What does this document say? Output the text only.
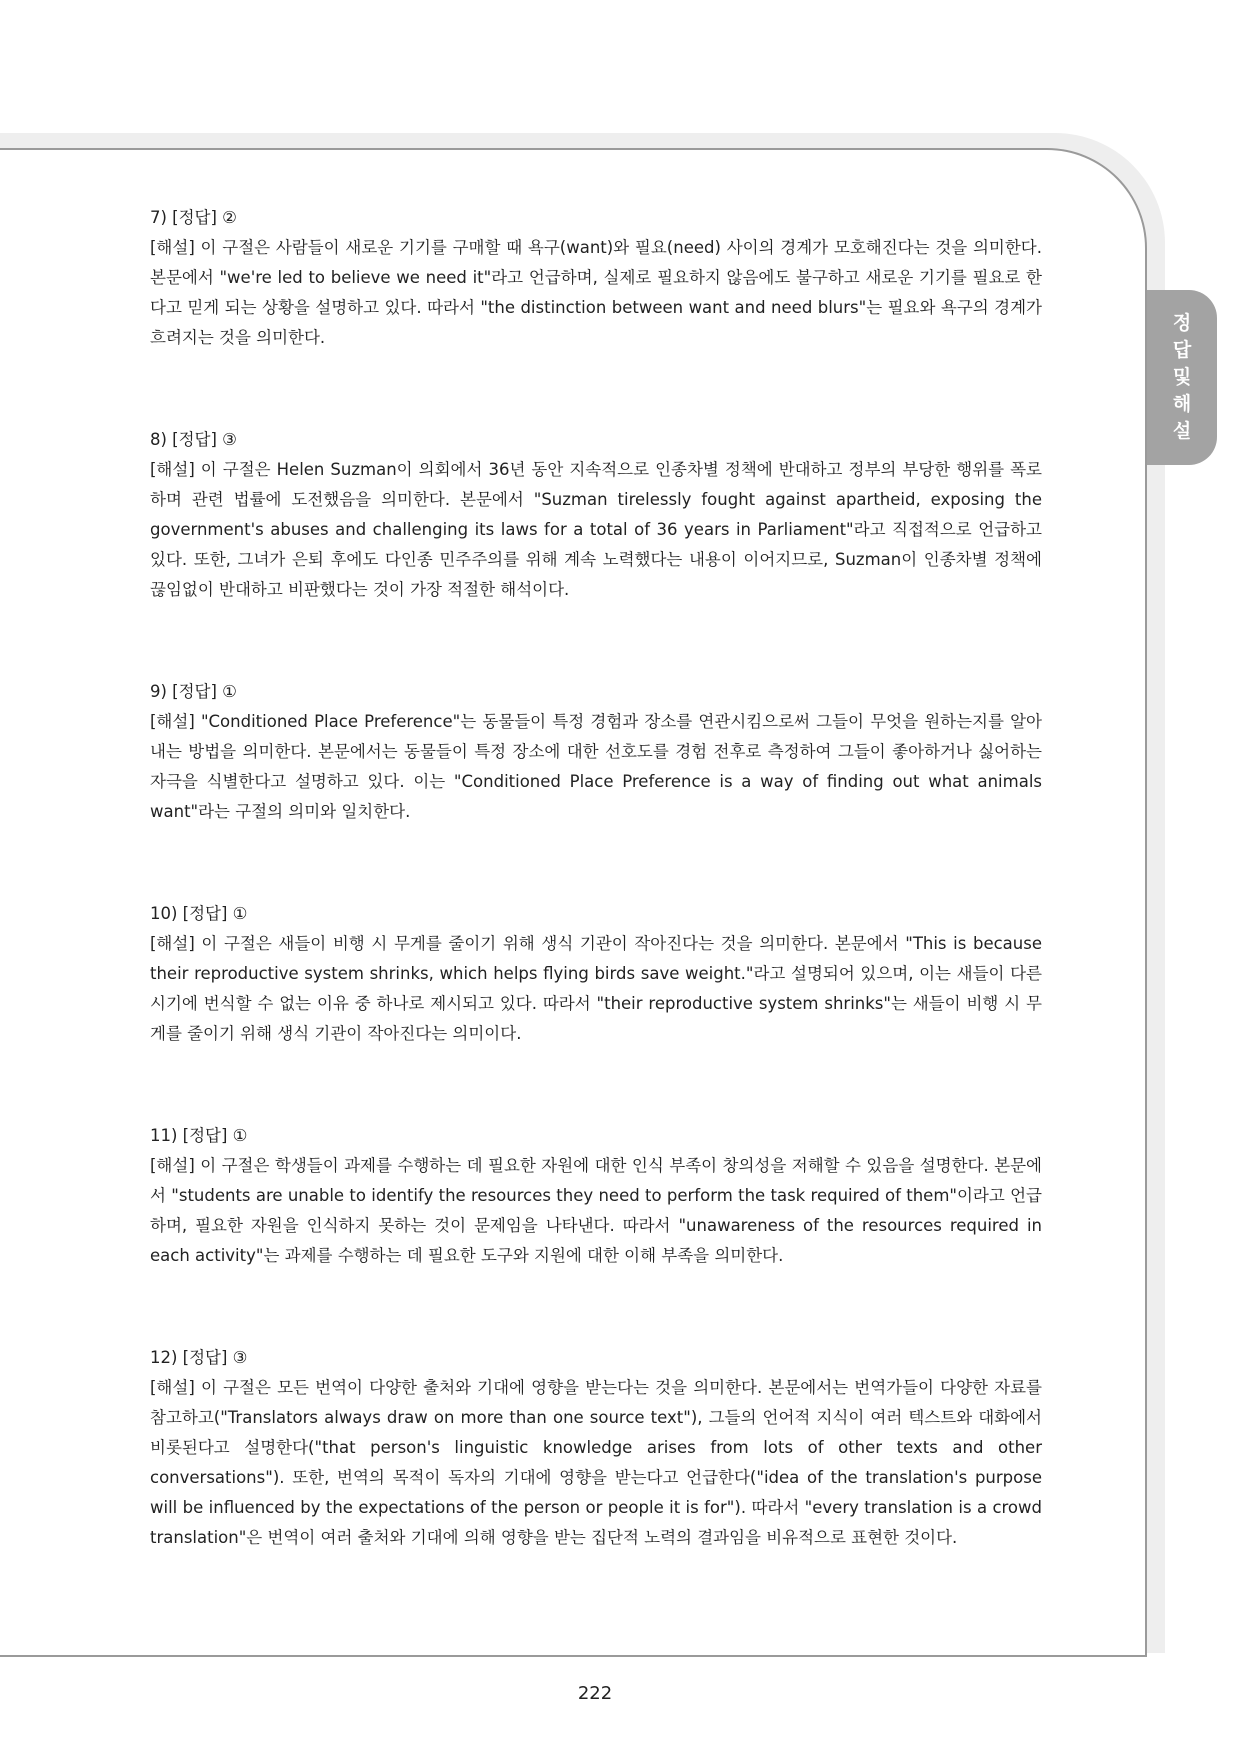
정
답
및
해
설

7) [정답] ②

[해설] 이 구절은 사람들이 새로운 기기를 구매할 때 욕구(want)와 필요(need) 사이의 경계가 모호해진다는 것을 의미한다. 본문에서 "we're led to believe we need it"라고 언급하며, 실제로 필요하지 않음에도 불구하고 새로운 기기를 필요로 한다고 믿게 되는 상황을 설명하고 있다. 따라서 "the distinction between want and need blurs"는 필요와 욕구의 경계가 흐려지는 것을 의미한다.

8) [정답] ③

[해설] 이 구절은 Helen Suzman이 의회에서 36년 동안 지속적으로 인종차별 정책에 반대하고 정부의 부당한 행위를 폭로하며 관련 법률에 도전했음을 의미한다. 본문에서 "Suzman tirelessly fought against apartheid, exposing the government's abuses and challenging its laws for a total of 36 years in Parliament"라고 직접적으로 언급하고 있다. 또한, 그녀가 은퇴 후에도 다인종 민주주의를 위해 계속 노력했다는 내용이 이어지므로, Suzman이 인종차별 정책에 끊임없이 반대하고 비판했다는 것이 가장 적절한 해석이다.

9) [정답] ①

[해설] "Conditioned Place Preference"는 동물들이 특정 경험과 장소를 연관시킴으로써 그들이 무엇을 원하는지를 알아내는 방법을 의미한다. 본문에서는 동물들이 특정 장소에 대한 선호도를 경험 전후로 측정하여 그들이 좋아하거나 싫어하는 자극을 식별한다고 설명하고 있다. 이는 "Conditioned Place Preference is a way of finding out what animals want"라는 구절의 의미와 일치한다.

10) [정답] ①

[해설] 이 구절은 새들이 비행 시 무게를 줄이기 위해 생식 기관이 작아진다는 것을 의미한다. 본문에서 "This is because their reproductive system shrinks, which helps flying birds save weight."라고 설명되어 있으며, 이는 새들이 다른 시기에 번식할 수 없는 이유 중 하나로 제시되고 있다. 따라서 "their reproductive system shrinks"는 새들이 비행 시 무게를 줄이기 위해 생식 기관이 작아진다는 의미이다.

11) [정답] ①

[해설] 이 구절은 학생들이 과제를 수행하는 데 필요한 자원에 대한 인식 부족이 창의성을 저해할 수 있음을 설명한다. 본문에서 "students are unable to identify the resources they need to perform the task required of them"이라고 언급하며, 필요한 자원을 인식하지 못하는 것이 문제임을 나타낸다. 따라서 "unawareness of the resources required in each activity"는 과제를 수행하는 데 필요한 도구와 지원에 대한 이해 부족을 의미한다.

12) [정답] ③

[해설] 이 구절은 모든 번역이 다양한 출처와 기대에 영향을 받는다는 것을 의미한다. 본문에서는 번역가들이 다양한 자료를 참고하고("Translators always draw on more than one source text"), 그들의 언어적 지식이 여러 텍스트와 대화에서 비롯된다고 설명한다("that person's linguistic knowledge arises from lots of other texts and other conversations"). 또한, 번역의 목적이 독자의 기대에 영향을 받는다고 언급한다("idea of the translation's purpose will be influenced by the expectations of the person or people it is for"). 따라서 "every translation is a crowd translation"은 번역이 여러 출처와 기대에 의해 영향을 받는 집단적 노력의 결과임을 비유적으로 표현한 것이다.

222
